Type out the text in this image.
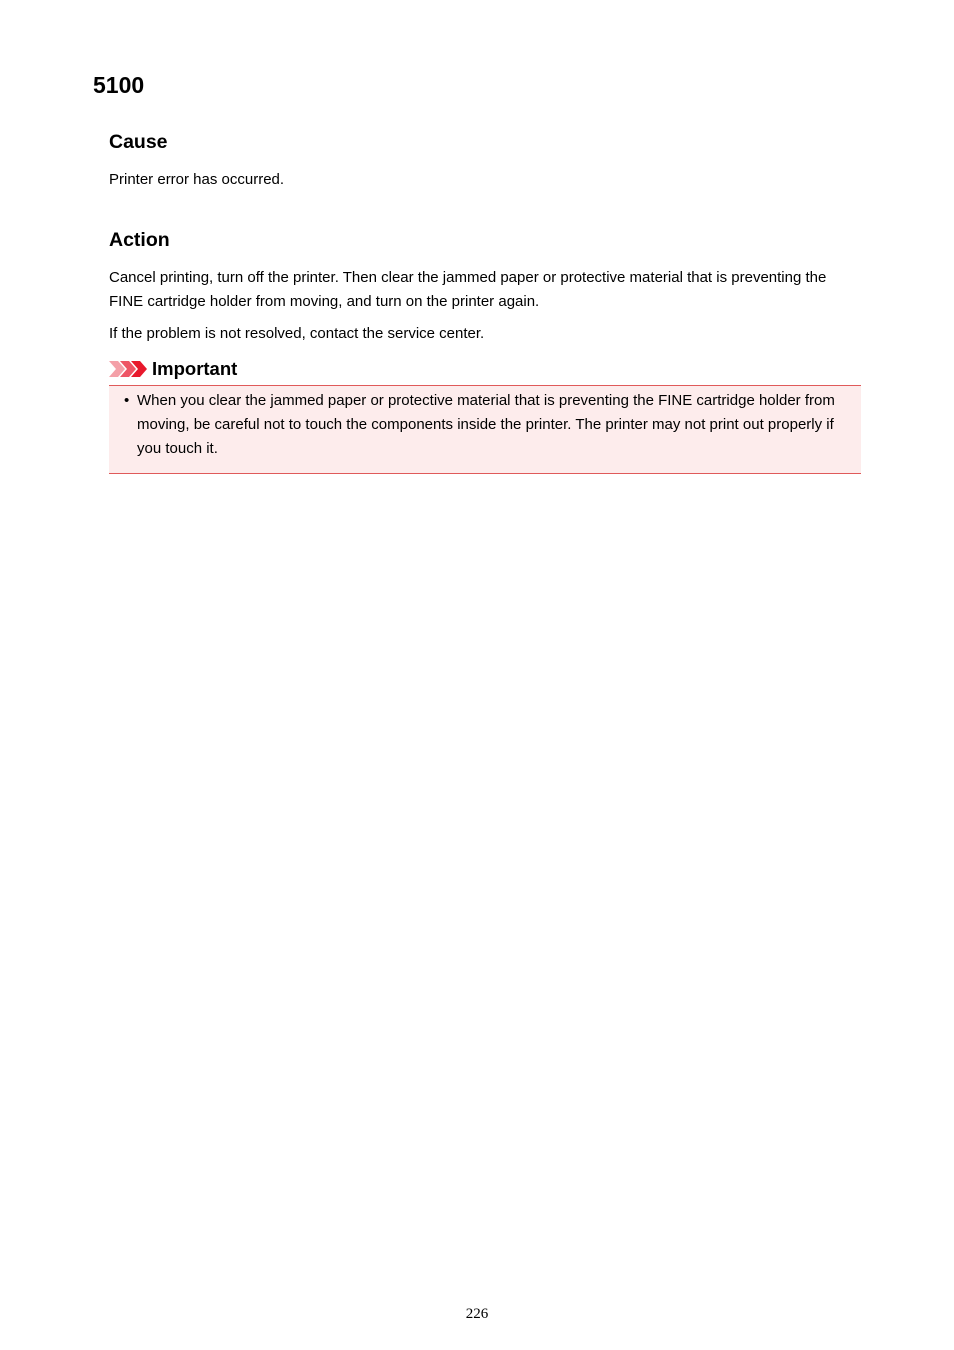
5100
Cause

Printer error has occurred.

Action

Cancel printing, turn off the printer. Then clear the jammed paper or protective material that is preventing the FINE cartridge holder from moving, and turn on the printer again.

If the problem is not resolved, contact the service center.

Important
• When you clear the jammed paper or protective material that is preventing the FINE cartridge holder from moving, be careful not to touch the components inside the printer. The printer may not print out properly if you touch it.
226
